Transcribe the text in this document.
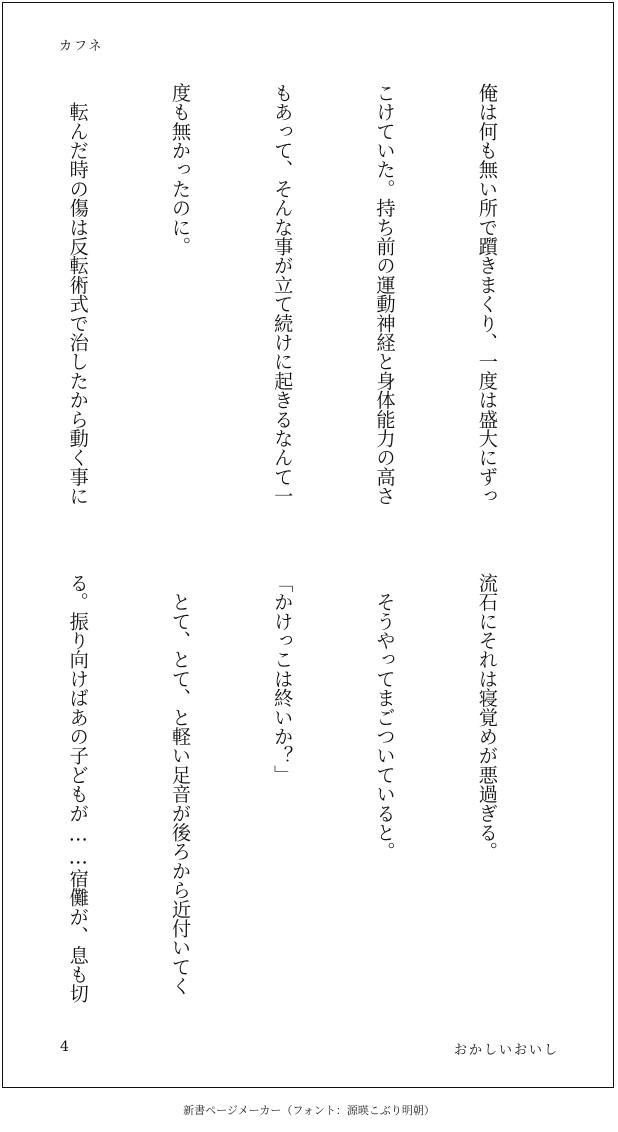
カフネ

俺は何も無い所で躓きまくり、一度は盛大にずっ

こけていた。持ち前の運動神経と身体能力の高さ

もあって、そんな事が立て続けに起きるなんて一

度も無かったのに。

　転んだ時の傷は反転術式で治したから動く事に

流石にそれは寝覚めが悪過ぎる。

　そうやってまごついていると。

「かけっこは終いか？」

　とて、とて、と軽い足音が後ろから近付いてく

る。振り向けばあの子どもが……宿儺が、息も切

4	おかしいおいし
新書ページメーカー（フォント：源暎こぶり明朝）
